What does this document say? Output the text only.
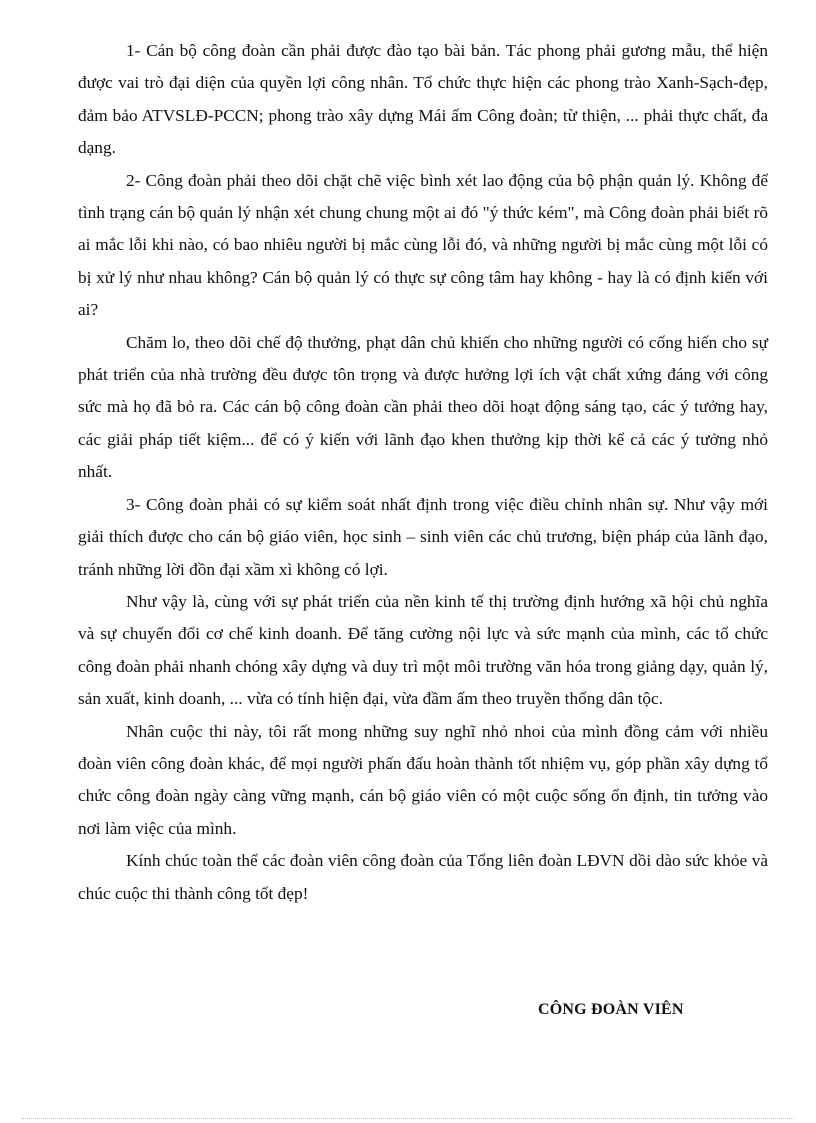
1- Cán bộ công đoàn cần phải được đào tạo bài bản. Tác phong phải gương mẫu, thể hiện được vai trò đại diện của quyền lợi công nhân. Tổ chức thực hiện các phong trào Xanh-Sạch-đẹp, đảm bảo ATVSLĐ-PCCN; phong trào xây dựng Mái ấm Công đoàn; từ thiện, ... phải thực chất, đa dạng.

2- Công đoàn phải theo dõi chặt chẽ việc bình xét lao động của bộ phận quản lý. Không để tình trạng cán bộ quản lý nhận xét chung chung một ai đó "ý thức kém", mà Công đoàn phải biết rõ ai mắc lỗi khi nào, có bao nhiêu người bị mắc cùng lỗi đó, và những người bị mắc cùng một lỗi có bị xử lý như nhau không? Cán bộ quản lý có thực sự công tâm hay không - hay là có định kiến với ai?

Chăm lo, theo dõi chế độ thưởng, phạt dân chủ khiến cho những người có cống hiến cho sự phát triển của nhà trường đều được tôn trọng và được hưởng lợi ích vật chất xứng đáng với công sức mà họ đã bỏ ra. Các cán bộ công đoàn cần phải theo dõi hoạt động sáng tạo, các ý tưởng hay, các giải pháp tiết kiệm... để có ý kiến với lãnh đạo khen thưởng kịp thời kể cả các ý tưởng nhỏ nhất.

3- Công đoàn phải có sự kiểm soát nhất định trong việc điều chỉnh nhân sự. Như vậy mới giải thích được cho cán bộ giáo viên, học sinh – sinh viên các chủ trương, biện pháp của lãnh đạo, tránh những lời đồn đại xầm xì không có lợi.

Như vậy là, cùng với sự phát triển của nền kinh tế thị trường định hướng xã hội chủ nghĩa và sự chuyển đổi cơ chế kinh doanh. Để tăng cường nội lực và sức mạnh của mình, các tổ chức công đoàn phải nhanh chóng xây dựng và duy trì một môi trường văn hóa trong giảng dạy, quản lý, sản xuất, kinh doanh, ... vừa có tính hiện đại, vừa đầm ấm theo truyền thống dân tộc.

Nhân cuộc thi này, tôi rất mong những suy nghĩ nhỏ nhoi của mình đồng cảm với nhiều đoàn viên công đoàn khác, để mọi người phấn đấu hoàn thành tốt nhiệm vụ, góp phần xây dựng tổ chức công đoàn ngày càng vững mạnh, cán bộ giáo viên có một cuộc sống ổn định, tin tưởng vào nơi làm việc của mình.

Kính chúc toàn thể các đoàn viên công đoàn của Tổng liên đoàn LĐVN dồi dào sức khỏe và chúc cuộc thi thành công tốt đẹp!

CÔNG ĐOÀN VIÊN
